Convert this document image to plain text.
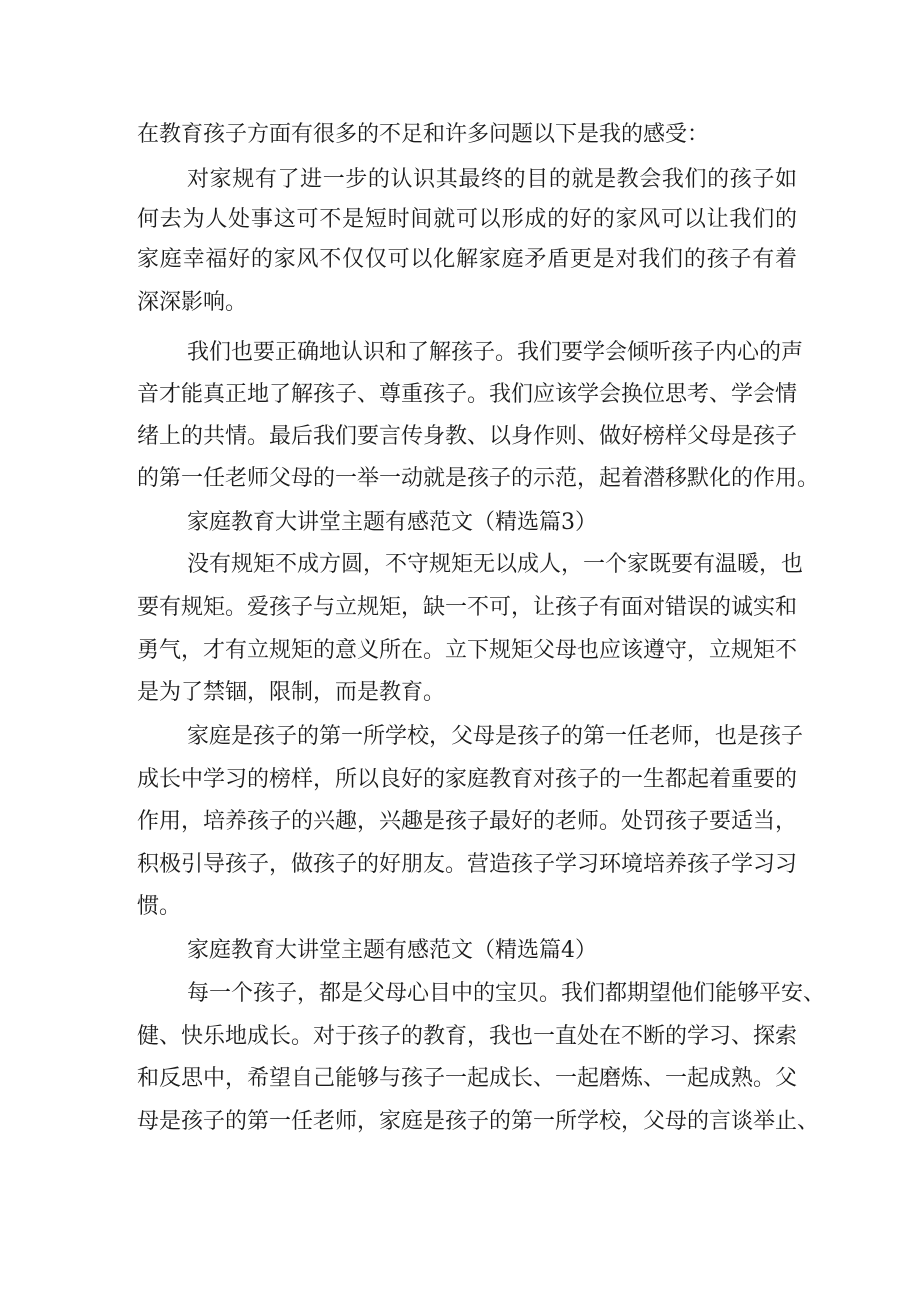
在教育孩子方面有很多的不足和许多问题以下是我的感受：
对家规有了进一步的认识其最终的目的就是教会我们的孩子如
何去为人处事这可不是短时间就可以形成的好的家风可以让我们的
家庭幸福好的家风不仅仅可以化解家庭矛盾更是对我们的孩子有着
深深影响。
我们也要正确地认识和了解孩子。我们要学会倾听孩子内心的声
音才能真正地了解孩子、尊重孩子。我们应该学会换位思考、学会情
绪上的共情。最后我们要言传身教、以身作则、做好榜样父母是孩子
的第一任老师父母的一举一动就是孩子的示范，起着潜移默化的作用。
家庭教育大讲堂主题有感范文（精选篇3）
没有规矩不成方圆，不守规矩无以成人，一个家既要有温暖，也
要有规矩。爱孩子与立规矩，缺一不可，让孩子有面对错误的诚实和
勇气，才有立规矩的意义所在。立下规矩父母也应该遵守，立规矩不
是为了禁锢，限制，而是教育。
家庭是孩子的第一所学校，父母是孩子的第一任老师，也是孩子
成长中学习的榜样，所以良好的家庭教育对孩子的一生都起着重要的
作用，培养孩子的兴趣，兴趣是孩子最好的老师。处罚孩子要适当，
积极引导孩子，做孩子的好朋友。营造孩子学习环境培养孩子学习习
惯。
家庭教育大讲堂主题有感范文（精选篇4）
每一个孩子，都是父母心目中的宝贝。我们都期望他们能够平安、
健、快乐地成长。对于孩子的教育，我也一直处在不断的学习、探索
和反思中，希望自己能够与孩子一起成长、一起磨炼、一起成熟。父
母是孩子的第一任老师，家庭是孩子的第一所学校，父母的言谈举止、
